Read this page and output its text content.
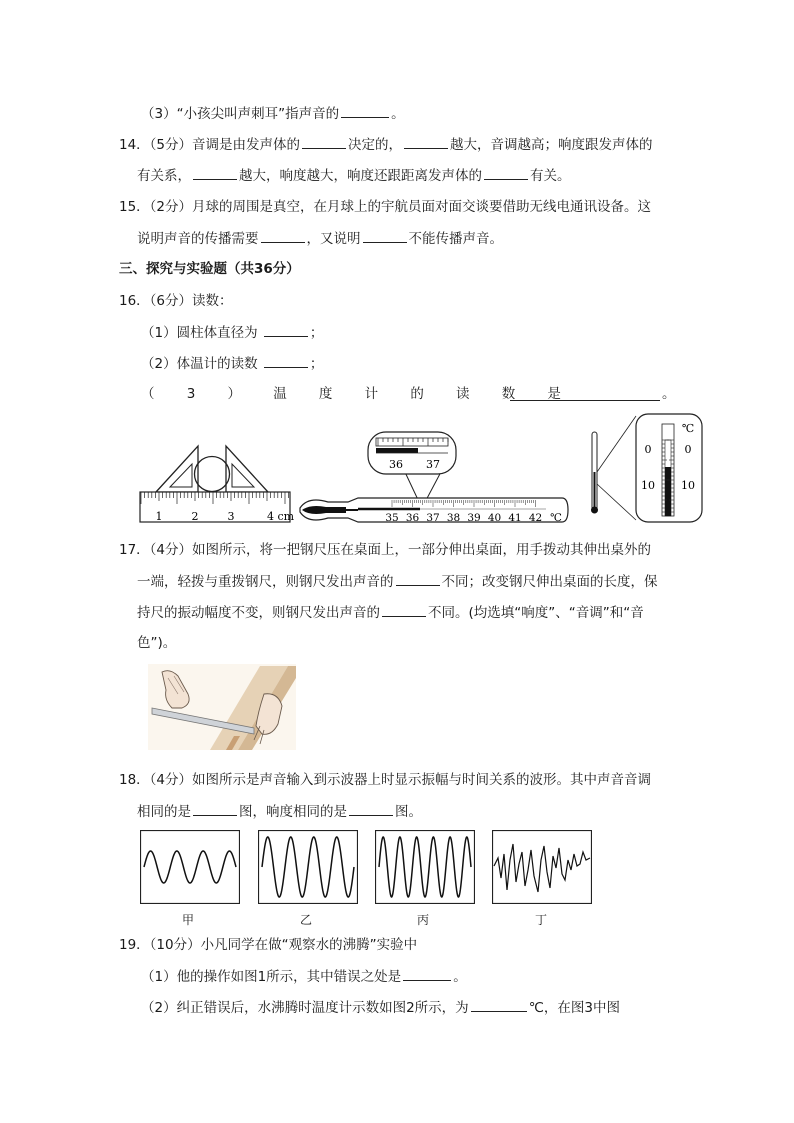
（3）“小孩尖叫声刺耳”指声音的	。
14．（5分）音调是由发声体的	决定的，	越大，音调越高；响度跟发声体的
有关系，	越大，响度越大，响度还跟距离发声体的	有关。
15．（2分）月球的周围是真空，在月球上的宇航员面对面交谈要借助无线电通讯设备。这
说明声音的传播需要	，又说明	不能传播声音。
三、探究与实验题（共36分）
16．（6分）读数：
（1）圆柱体直径为	；
（2）体温计的读数	；
（ 3 ） 温 度 计 的 读 数 是	。
1	2	3	4 cm
36 37
35 36 37 38 39 40 41 42 ℃
℃
0
10
0
10
17．（4分）如图所示，将一把钢尺压在桌面上，一部分伸出桌面，用手拨动其伸出桌外的
一端，轻拨与重拨钢尺，则钢尺发出声音的	不同；改变钢尺伸出桌面的长度，保
持尺的振动幅度不变，则钢尺发出声音的	不同。(均选填“响度”、“音调”和“音
色”)。
18．（4分）如图所示是声音输入到示波器上时显示振幅与时间关系的波形。其中声音音调
相同的是	图，响度相同的是	图。
甲	乙	丙	丁
19．（10分）小凡同学在做“观察水的沸腾”实验中
（1）他的操作如图1所示，其中错误之处是	。
（2）纠正错误后，水沸腾时温度计示数如图2所示，为	℃，在图3中图
